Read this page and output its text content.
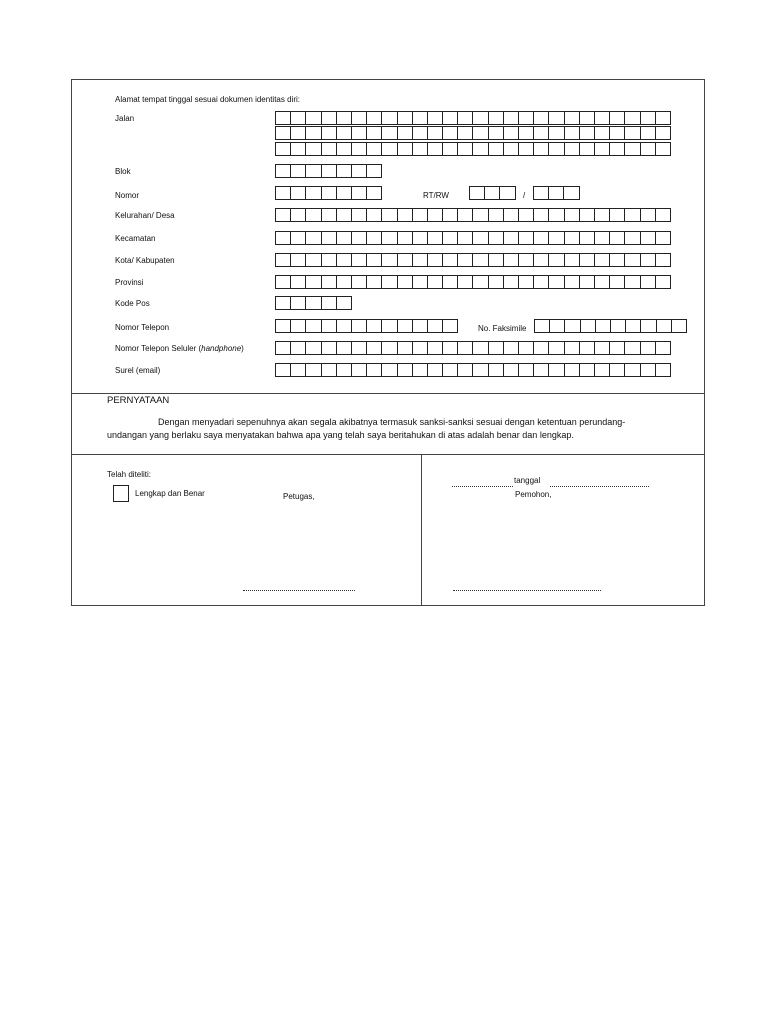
Alamat tempat tinggal sesuai dokumen identitas diri:
Jalan
Blok
Nomor	RT/RW	/
Kelurahan/ Desa
Kecamatan
Kota/ Kabupaten
Provinsi
Kode Pos
Nomor Telepon	No. Faksimile
Nomor Telepon Seluler (handphone)
Surel (email)
PERNYATAAN
Dengan menyadari sepenuhnya akan segala akibatnya termasuk sanksi-sanksi sesuai dengan ketentuan perundang-
undangan yang berlaku saya menyatakan bahwa apa yang telah saya beritahukan di atas adalah benar dan lengkap.
Telah diteliti:
Lengkap dan Benar	Petugas,
tanggal
Pemohon,
